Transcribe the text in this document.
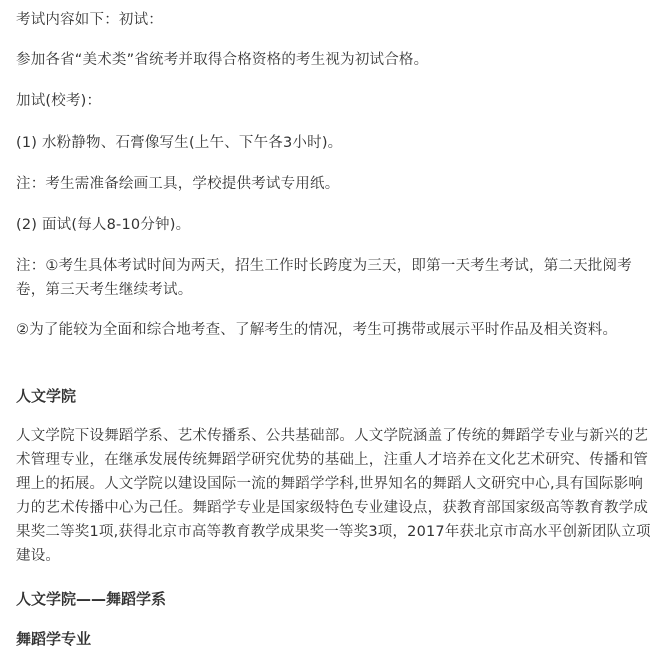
考试内容如下：初试：

参加各省“美术类”省统考并取得合格资格的考生视为初试合格。

加试(校考)：

(1) 水粉静物、石膏像写生(上午、下午各3小时)。

注：考生需准备绘画工具，学校提供考试专用纸。

(2) 面试(每人8-10分钟)。

注：①考生具体考试时间为两天，招生工作时长跨度为三天，即第一天考生考试，第二天批阅考卷，第三天考生继续考试。

②为了能较为全面和综合地考查、了解考生的情况，考生可携带或展示平时作品及相关资料。

人文学院

人文学院下设舞蹈学系、艺术传播系、公共基础部。人文学院涵盖了传统的舞蹈学专业与新兴的艺术管理专业，在继承发展传统舞蹈学研究优势的基础上，注重人才培养在文化艺术研究、传播和管理上的拓展。人文学院以建设国际一流的舞蹈学学科,世界知名的舞蹈人文研究中心,具有国际影响力的艺术传播中心为己任。舞蹈学专业是国家级特色专业建设点，获教育部国家级高等教育教学成果奖二等奖1项,获得北京市高等教育教学成果奖一等奖3项，2017年获北京市高水平创新团队立项建设。

人文学院——舞蹈学系
舞蹈学专业
